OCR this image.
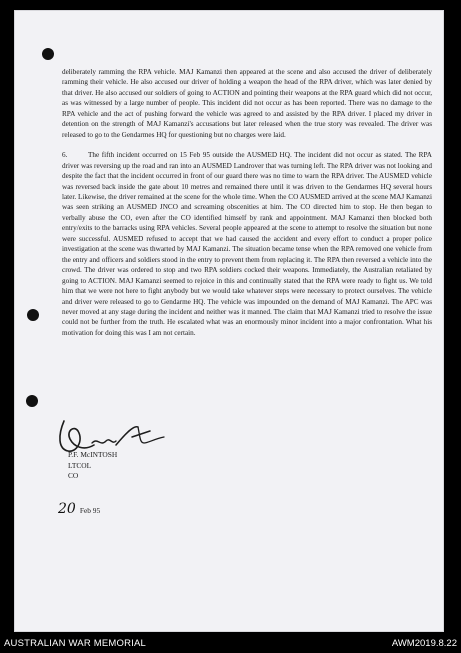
deliberately ramming the RPA vehicle. MAJ Kamanzi then appeared at the scene and also accused the driver of deliberately ramming their vehicle. He also accused our driver of holding a weapon the head of the RPA driver, which was later denied by that driver. He also accused our soldiers of going to ACTION and pointing their weapons at the RPA guard which did not occur, as was witnessed by a large number of people. This incident did not occur as has been reported. There was no damage to the RPA vehicle and the act of pushing forward the vehicle was agreed to and assisted by the RPA driver. I placed my driver in detention on the strength of MAJ Kamanzi's accusations but later released when the true story was revealed. The driver was released to go to the Gendarmes HQ for questioning but no charges were laid.

6.	The fifth incident occurred on 15 Feb 95 outside the AUSMED HQ. The incident did not occur as stated. The RPA driver was reversing up the road and ran into an AUSMED Landrover that was turning left. The RPA driver was not looking and despite the fact that the incident occurred in front of our guard there was no time to warn the RPA driver. The AUSMED vehicle was reversed back inside the gate about 10 metres and remained there until it was driven to the Gendarmes HQ several hours later. Likewise, the driver remained at the scene for the whole time. When the CO AUSMED arrived at the scene MAJ Kamanzi was seen striking an AUSMED JNCO and screaming obscenities at him. The CO directed him to stop. He then began to verbally abuse the CO, even after the CO identified himself by rank and appointment. MAJ Kamanzi then blocked both entry/exits to the barracks using RPA vehicles. Several people appeared at the scene to attempt to resolve the situation but none were successful. AUSMED refused to accept that we had caused the accident and every effort to conduct a proper police investigation at the scene was thwarted by MAJ Kamanzi. The situation became tense when the RPA removed one vehicle from the entry and officers and soldiers stood in the entry to prevent them from replacing it. The RPA then reversed a vehicle into the crowd. The driver was ordered to stop and two RPA soldiers cocked their weapons. Immediately, the Australian retaliated by going to ACTION. MAJ Kamanzi seemed to rejoice in this and continually stated that the RPA were ready to fight us. We told him that we were not here to fight anybody but we would take whatever steps were necessary to protect ourselves. The vehicle and driver were released to go to Gendarme HQ. The vehicle was impounded on the demand of MAJ Kamanzi. The APC was never moved at any stage during the incident and neither was it manned. The claim that MAJ Kamanzi tried to resolve the issue could not be further from the truth. He escalated what was an enormously minor incident into a major confrontation. What his motivation for doing this was I am not certain.

P.F. McINTOSH
LTCOL
CO
20 Feb 95
AUSTRALIAN WAR MEMORIAL	AWM2019.8.22
